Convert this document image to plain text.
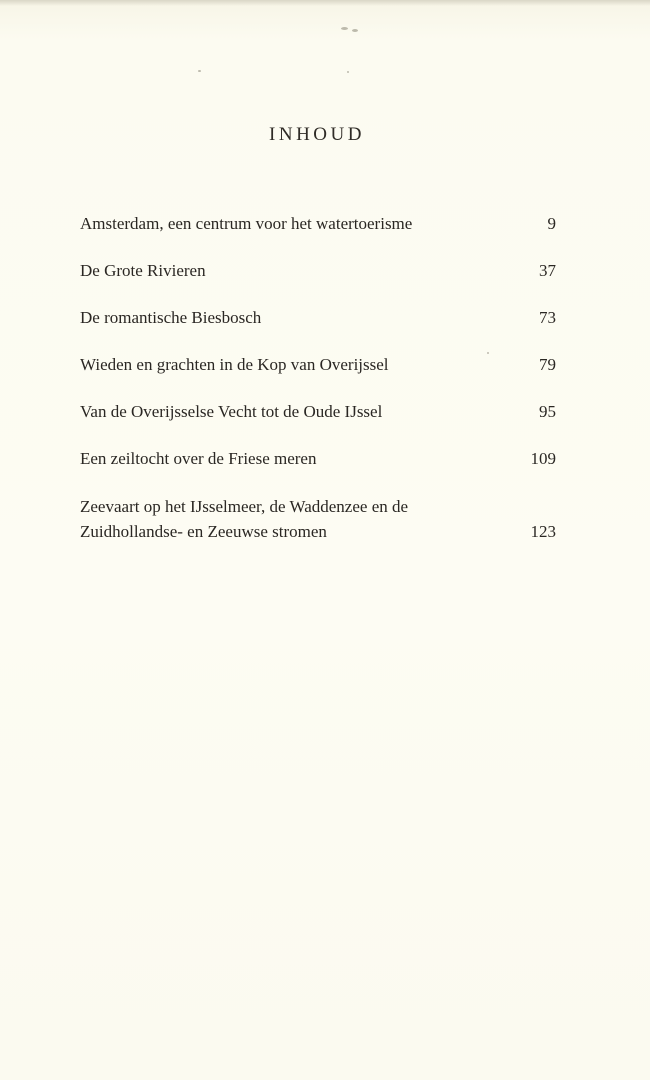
INHOUD
Amsterdam, een centrum voor het watertoerisme	9
De Grote Rivieren	37
De romantische Biesbosch	73
Wieden en grachten in de Kop van Overijssel	79
Van de Overijsselse Vecht tot de Oude IJssel	95
Een zeiltocht over de Friese meren	109
Zeevaart op het IJsselmeer, de Waddenzee en de
Zuidhollandse- en Zeeuwse stromen	123
